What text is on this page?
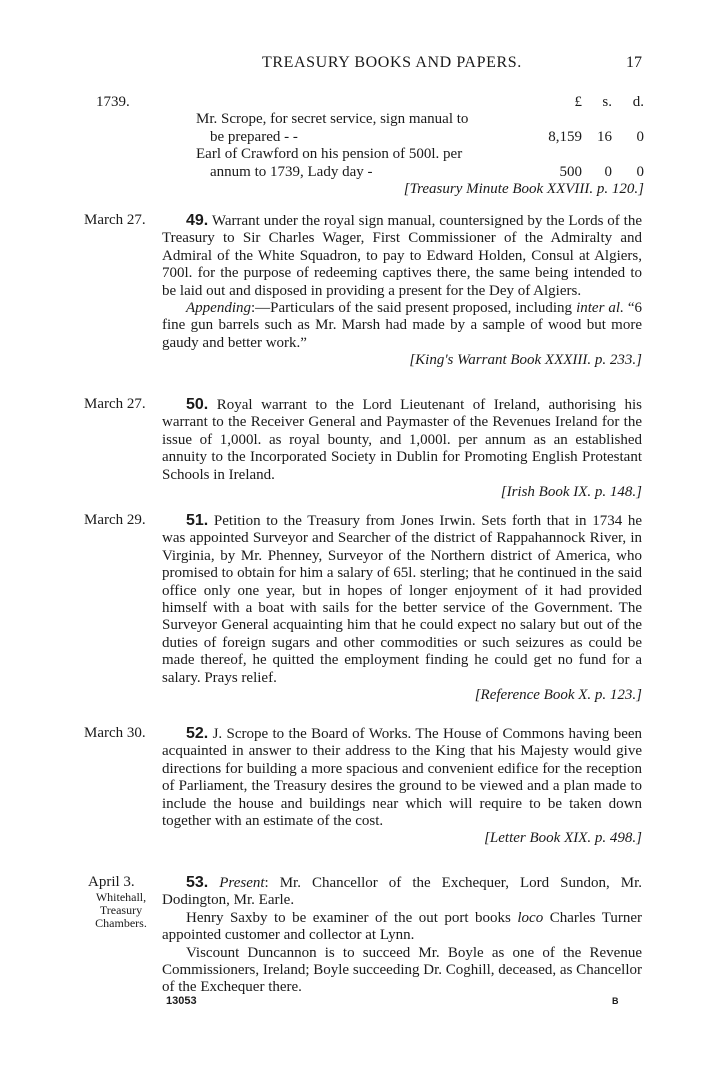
TREASURY BOOKS AND PAPERS.	17
1739.
		£	s.	d.
Mr. Scrope, for secret service, sign manual to			
be prepared - -	8,159	16	0
Earl of Crawford on his pension of 500l. per			
annum to 1739, Lady day -	500	0	0

[Treasury Minute Book XXVIII. p. 120.]

March 27.	49. Warrant under the royal sign manual, countersigned by the Lords of the Treasury to Sir Charles Wager, First Commissioner of the Admiralty and Admiral of the White Squadron, to pay to Edward Holden, Consul at Algiers, 700l. for the purpose of redeeming captives there, the same being intended to be laid out and disposed in providing a present for the Dey of Algiers.

Appending:—Particulars of the said present proposed, including inter al. “6 fine gun barrels such as Mr. Marsh had made by a sample of wood but more gaudy and better work.”

[King's Warrant Book XXXIII. p. 233.]

March 27.	50. Royal warrant to the Lord Lieutenant of Ireland, authorising his warrant to the Receiver General and Paymaster of the Revenues Ireland for the issue of 1,000l. as royal bounty, and 1,000l. per annum as an established annuity to the Incorporated Society in Dublin for Promoting English Protestant Schools in Ireland.

[Irish Book IX. p. 148.]

March 29.	51. Petition to the Treasury from Jones Irwin. Sets forth that in 1734 he was appointed Surveyor and Searcher of the district of Rappahannock River, in Virginia, by Mr. Phenney, Surveyor of the Northern district of America, who promised to obtain for him a salary of 65l. sterling; that he continued in the said office only one year, but in hopes of longer enjoyment of it had provided himself with a boat with sails for the better service of the Government. The Surveyor General acquainting him that he could expect no salary but out of the duties of foreign sugars and other commodities or such seizures as could be made thereof, he quitted the employment finding he could get no fund for a salary. Prays relief.

[Reference Book X. p. 123.]

March 30.	52. J. Scrope to the Board of Works. The House of Commons having been acquainted in answer to their address to the King that his Majesty would give directions for building a more spacious and convenient edifice for the reception of Parliament, the Treasury desires the ground to be viewed and a plan made to include the house and buildings near which will require to be taken down together with an estimate of the cost.

[Letter Book XIX. p. 498.]

April 3.
Whitehall,
Treasury
Chambers.

53. Present: Mr. Chancellor of the Exchequer, Lord Sundon, Mr. Dodington, Mr. Earle.

Henry Saxby to be examiner of the out port books loco Charles Turner appointed customer and collector at Lynn.

Viscount Duncannon is to succeed Mr. Boyle as one of the Revenue Commissioners, Ireland; Boyle succeeding Dr. Coghill, deceased, as Chancellor of the Exchequer there.

13053	B
